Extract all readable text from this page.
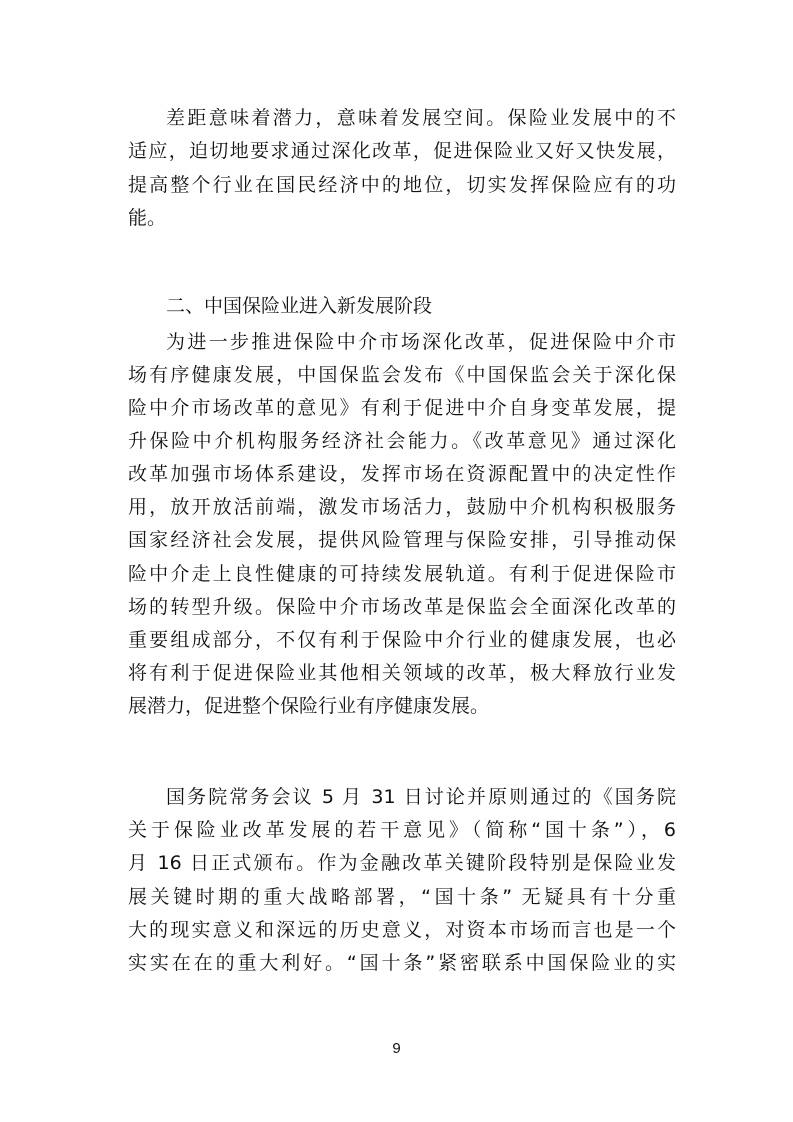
差距意味着潜力，意味着发展空间。保险业发展中的不
适应，迫切地要求通过深化改革，促进保险业又好又快发展，
提高整个行业在国民经济中的地位，切实发挥保险应有的功
能。
二、中国保险业进入新发展阶段
为进一步推进保险中介市场深化改革，促进保险中介市
场有序健康发展，中国保监会发布《中国保监会关于深化保
险中介市场改革的意见》有利于促进中介自身变革发展，提
升保险中介机构服务经济社会能力。《改革意见》通过深化
改革加强市场体系建设，发挥市场在资源配置中的决定性作
用，放开放活前端，激发市场活力，鼓励中介机构积极服务
国家经济社会发展，提供风险管理与保险安排，引导推动保
险中介走上良性健康的可持续发展轨道。有利于促进保险市
场的转型升级。保险中介市场改革是保监会全面深化改革的
重要组成部分，不仅有利于保险中介行业的健康发展，也必
将有利于促进保险业其他相关领域的改革，极大释放行业发
展潜力，促进整个保险行业有序健康发展。
国务院常务会议 5 月 31 日讨论并原则通过的《国务院
关于保险业改革发展的若干意见》（简称“国十条”），6
月 16 日正式颁布。作为金融改革关键阶段特别是保险业发
展关键时期的重大战略部署，“国十条” 无疑具有十分重
大的现实意义和深远的历史意义，对资本市场而言也是一个
实实在在的重大利好。“国十条”紧密联系中国保险业的实
9
